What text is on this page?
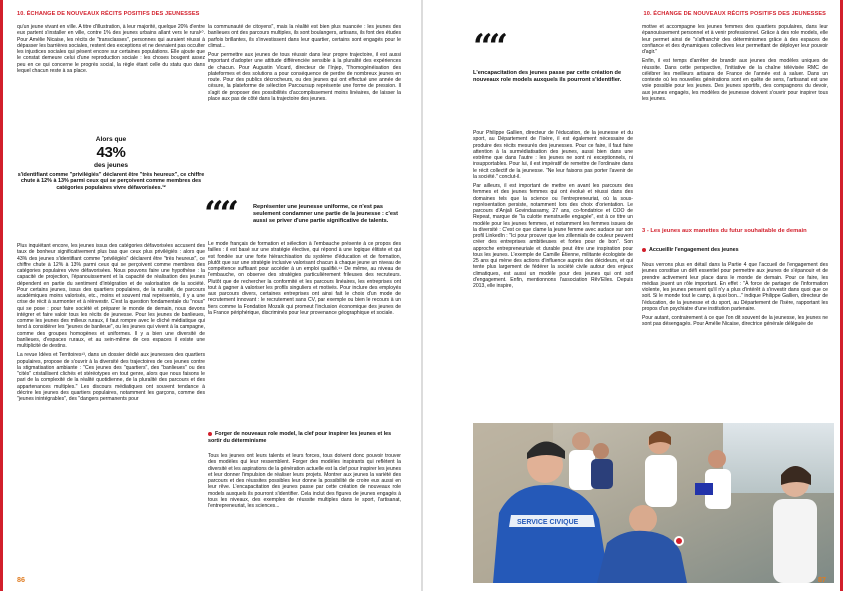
10. ÉCHANGE DE NOUVEAUX RÉCITS POSITIFS DES JEUNESSES

qu'un jeune vivant en ville. A titre d'illustration, à leur majorité, quelque 20% d'entre eux partent s'installer en ville, contre 1% des jeunes urbains allant vers le rural¹⁰. Pour Amélie Nicaise, les récits de "transclasses", personnes qui auraient réussi à dépasser les barrières sociales, restent des exceptions et ne devraient pas occulter les injustices sociales qui pèsent encore sur certaines populations. Elle ajoute que le constat demeure celui d'une reproduction sociale : les choses bougent assez peu en ce qui concerne le progrès social, la règle étant celle du statu quo dans lequel chacun reste à sa place.

Alors que
43%
des jeunes
s'identifiant comme "privilégiés" déclarent être "très heureux", ce chiffre chute à 12% à 13% parmi ceux qui se perçoivent comme membres des catégories populaires vivre défavorisées.¹²

Plus inquiétant encore, les jeunes issus des catégories défavorisées accusent des taux de bonheur significativement plus bas que ceux plus privilégiés : alors que 43% des jeunes s'identifiant comme "privilégiés" déclarent être "très heureux", ce chiffre chute à 12% à 13% parmi ceux qui se perçoivent comme membres des catégories populaires vivre défavorisées. Nous pouvons faire une hypothèse : la capacité de projection, l'épanouissement et la capacité de réalisation des jeunes dépendent en partie du sentiment d'intégration et de valorisation de la société. Pour certains jeunes, issus des quartiers populaires, de la ruralité, de parcours académiques moins valorisés, etc., moins et souvent mal représentés, il y a une crise de récit à surmonter et à réinvestir. C'est la question fondamentale du "nous" qui se pose : pour faire société et préparer le monde de demain, nous devons intégrer et faire valoir tous les récits de jeunesse. Pour les jeunes de banlieues, comme les jeunes des milieux ruraux, il faut rompre avec le cliché médiatique qui tend à considérer les "jeunes de banlieue", ou les jeunes qui vivent à la campagne, comme des groupes homogènes et uniformes. Il y a bien une diversité de banlieues, d'espaces ruraux, et au sein-même de ces espaces il existe une multiplicité de destins.

La revue Idées et Territoires¹³, dans un dossier dédié aux jeunesses des quartiers populaires, propose de s'ouvrir à la diversité des trajectoires de ces jeunes contre la stigmatisation ambiante : "Ces jeunes des "quartiers", des "banlieues" ou des "cités" cristallisent clichés et stéréotypes en tout genre, alors que nous faisons le pari de la complexité de la réalité quotidienne, de la pluralité des parcours et des appartenances multiples." Les discours médiatiques ont souvent tendance à décrire les jeunes des quartiers populaires, notamment les garçons, comme des "jeunes inintégrables", des "dangers permanents pour

la communauté de citoyens", mais la réalité est bien plus nuancée : les jeunes des banlieues ont des parcours multiples, ils sont boulangers, artisans, ils font des études parfois brillantes, ils s'investissent dans leur quartier, certains sont engagés pour le climat...

Pour permettre aux jeunes de tous réussir dans leur propre trajectoire, il est aussi important d'adopter une attitude différenciée sensible à la pluralité des expériences de chacun. Pour Augustin Vicard, directeur de l'Injep, "l'homogénéisation des plateformes et des solutions a pour conséquence de perdre de nombreux jeunes en route. Pour des publics décrocheurs, ou des jeunes qui ont effectué une année de césure, la plateforme de sélection Parcoursup représente une forme de pression. Il s'agit de proposer des possibilités d'accomplissement moins linéaires, de laisser la place aux pas de côté dans la trajectoire des jeunes.

““	Représenter une jeunesse uniforme, ce n'est pas seulement condamner une partie de la jeunesse : c'est aussi se priver d'une partie significative de talents.

Le mode français de formation et sélection à l'embauche présente à ce propos des failles : il est basé sur une stratégie élective, qui répond à une logique élitiste et qui est fondée sur une forte hiérarchisation du système d'éducation et de formation, plutôt que sur une stratégie inclusive valorisant chacun à chaque jeune un niveau de compétence suffisant pour accéder à un emploi qualifié.¹⁴ De même, au niveau de l'embauche, on observe des stratégies particulièrement frileuses des recruteurs. Plutôt que de rechercher la conformité et les parcours linéaires, les entreprises ont tout à gagner à valoriser les profils singuliers et motivés. Pour inclure des employés aux parcours divers, certaines entreprises ont ainsi fait le choix d'un mode de recrutement innovant : le recrutement sans CV, par exemple ou bien le recours à un tiers comme la Fondation Mozaïk qui promeut l'inclusion économique des jeunes de la France périphérique, discriminés pour leur provenance géographique et sociale.

Forger de nouveaux role model, la clef pour inspirer les jeunes et les sortir du déterminisme

Tous les jeunes ont leurs talents et leurs forces, tous doivent donc pouvoir trouver des modèles qui leur ressemblent. Forger des modèles inspirants qui reflètent la diversité et les aspirations de la génération actuelle est la clef pour inspirer les jeunes et leur donner l'impulsion de réaliser leurs projets. Montrer aux jeunes la variété des parcours et des réussites possibles leur donne la possibilité de croire eux aussi en leur rêve. L'encapacitation des jeunes passe par cette création de nouveaux role models auxquels ils pourront s'identifier. Cela inclut des figures de jeunes engagés à tous les niveaux, des exemples de réussite multiples dans le sport, l'artisanat, l'entrepreneuriat, les sciences...

86
10. ÉCHANGE DE NOUVEAUX RÉCITS POSITIFS DES JEUNESSES
““
L'encapacitation des jeunes passe par cette création de nouveaux role models auxquels ils pourront s'identifier.

Pour Philippe Gallien, directeur de l'éducation, de la jeunesse et du sport, au Département de l'Isère, il est également nécessaire de produire des récits mesurés des jeunesses. Pour ce faire, il faut faire attention à la surmédiatisation des jeunes, aussi bien dans une extrême que dans l'autre : les jeunes ne sont ni exceptionnels, ni insupportables. Pour lui, il est impératif de remettre de l'ordinaire dans le récit collectif de la jeunesse. "Ne leur faisons pas porter l'avenir de la société." conclut-il.

Par ailleurs, il est important de mettre en avant les parcours des femmes et des jeunes femmes qui ont évolué et réussi dans des domaines tels que la science ou l'entrepreneuriat, où la sous-représentation persiste, notamment lors des choix d'orientation. Le parcours d'Anjali Govindassamy, 27 ans, co-fondatrice et COO de Repeat, marque de "la culotte menstruelle engagée", est à ce titre un modèle pour les jeunes femmes, et notamment les femmes issues de la diversité : C'est ce que clame la jeune femme avec audace sur son profil LinkedIn : "Ici pour prouver que les zillennials de couleur peuvent créer des entreprises ambitieuses et fortes pour de bon". Son approche entrepreneuriale et durable peut être une inspiration pour tous les jeunes. L'exemple de Camille Étienne, militante écologiste de 25 ans qui mène des actions d'influence auprès des décideurs, et qui tente plus largement de fédérer la société civile autour des enjeux climatiques, est aussi un modèle pour des jeunes qui ont soif d'engagement. Enfin, mentionnons l'association Rêv'Elles. Depuis 2013, elle inspire,

motive et accompagne les jeunes femmes des quartiers populaires, dans leur épanouissement personnel et à venir professionnel. Grâce à des role models, elle leur permet ainsi de "s'affranchir des déterminismes grâce à des espaces de confiance et des dynamiques collectives leur permettant de déployer leur pouvoir d'agir."

Enfin, il est temps d'arrêter de brandir aux jeunes des modèles uniques de réussite. Dans cette perspective, l'initiative de la chaîne télévisée RMC de célébrer les meilleurs artisans de France de l'année est à saluer. Dans un contexte où les nouvelles générations sont en quête de sens, l'artisanat est une voie possible pour les jeunes. Des jeunes sportifs, des compagnons du devoir, aux jeunes engagés, les modèles de jeunesse doivent s'ouvrir pour inspirer tous les jeunes.

3 - Les jeunes aux manettes du futur souhaitable de demain
Accueillir l'engagement des jeunes

Nous verrons plus en détail dans la Partie 4 que l'accueil de l'engagement des jeunes constitue un défi essentiel pour permettre aux jeunes de s'épanouir et de prendre activement leur place dans le monde de demain. Pour ce faire, les médias jouent un rôle important. En effet : "À force de partager de l'information violente, les jeunes pensent qu'il n'y a plus d'intérêt à s'investir dans quoi que ce soit. Si le monde tout le camp, à quoi bon..." indique Philippe Gallien, directeur de l'éducation, de la jeunesse et du sport, au Département de l'Isère, rapportant les propos d'un psychiatre d'une institution partenaire.

Pour autant, contrairement à ce que l'on dit souvent de la jeunesse, les jeunes ne sont pas désengagés. Pour Amélie Nicaise, directrice générale déléguée de

SERVICE CIVIQUE
87
